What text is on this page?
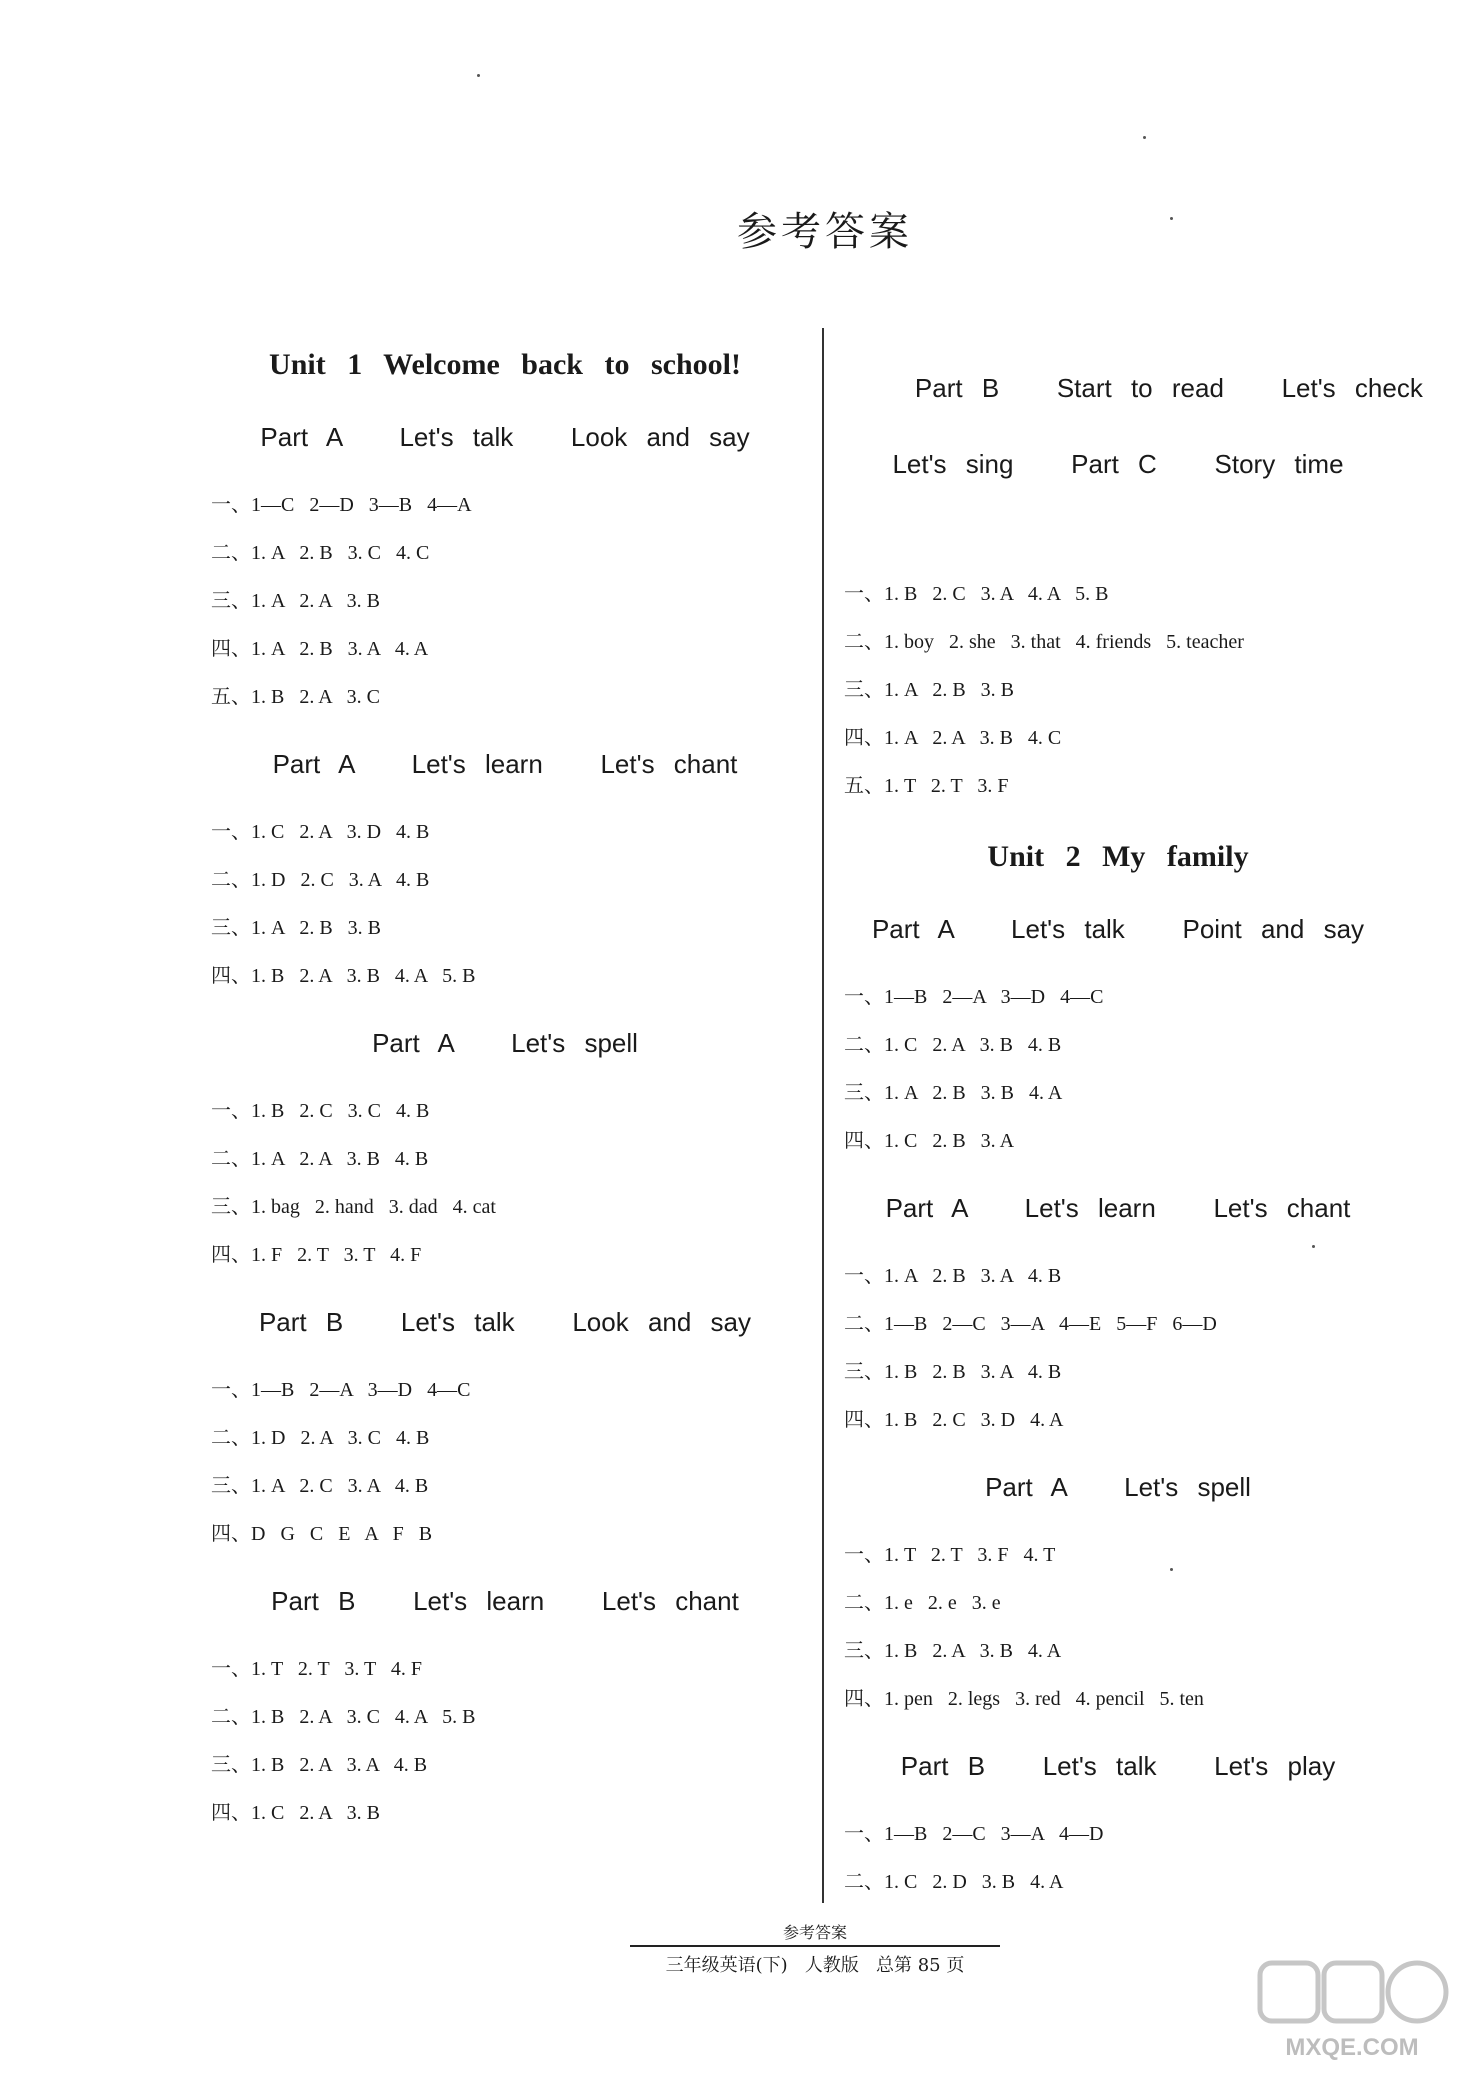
参考答案
Unit 1 Welcome back to school!
Part A   Let's talk   Look and say
一、1—C   2—D   3—B   4—A
二、1. A   2. B   3. C   4. C
三、1. A   2. A   3. B
四、1. A   2. B   3. A   4. A
五、1. B   2. A   3. C
Part A   Let's learn   Let's chant
一、1. C   2. A   3. D   4. B
二、1. D   2. C   3. A   4. B
三、1. A   2. B   3. B
四、1. B   2. A   3. B   4. A   5. B
Part A   Let's spell
一、1. B   2. C   3. C   4. B
二、1. A   2. A   3. B   4. B
三、1. bag   2. hand   3. dad   4. cat
四、1. F   2. T   3. T   4. F
Part B   Let's talk   Look and say
一、1—B   2—A   3—D   4—C
二、1. D   2. A   3. C   4. B
三、1. A   2. C   3. A   4. B
四、D   G   C   E   A   F   B
Part B   Let's learn   Let's chant
一、1. T   2. T   3. T   4. F
二、1. B   2. A   3. C   4. A   5. B
三、1. B   2. A   3. A   4. B
四、1. C   2. A   3. B

Part B   Start to read   Let's check

Let's sing   Part C   Story time

一、1. B   2. C   3. A   4. A   5. B
二、1. boy   2. she   3. that   4. friends   5. teacher
三、1. A   2. B   3. B
四、1. A   2. A   3. B   4. C
五、1. T   2. T   3. F
Unit 2 My family
Part A   Let's talk   Point and say
一、1—B   2—A   3—D   4—C
二、1. C   2. A   3. B   4. B
三、1. A   2. B   3. B   4. A
四、1. C   2. B   3. A
Part A   Let's learn   Let's chant
一、1. A   2. B   3. A   4. B
二、1—B   2—C   3—A   4—E   5—F   6—D
三、1. B   2. B   3. A   4. B
四、1. B   2. C   3. D   4. A
Part A   Let's spell
一、1. T   2. T   3. F   4. T
二、1. e   2. e   3. e
三、1. B   2. A   3. B   4. A
四、1. pen   2. legs   3. red   4. pencil   5. ten
Part B   Let's talk   Let's play
一、1—B   2—C   3—A   4—D
二、1. C   2. D   3. B   4. A
参考答案
三年级英语(下)   人教版   总第 85 页
MXQE.COM
